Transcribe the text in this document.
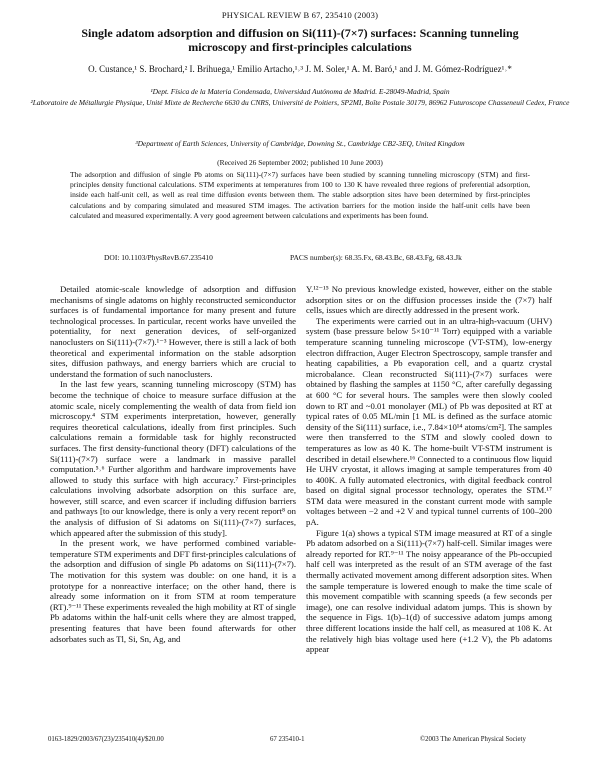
PHYSICAL REVIEW B 67, 235410 (2003)
Single adatom adsorption and diffusion on Si(111)-(7×7) surfaces: Scanning tunneling microscopy and first-principles calculations
O. Custance,¹ S. Brochard,² I. Brihuega,¹ Emilio Artacho,¹˒³ J. M. Soler,¹ A. M. Baró,¹ and J. M. Gómez-Rodríguez¹˒*
¹Dept. Física de la Materia Condensada, Universidad Autónoma de Madrid. E-28049-Madrid, Spain
²Laboratoire de Métallurgie Physique, Unité Mixte de Recherche 6630 du CNRS, Université de Poitiers, SP2MI, Boîte Postale 30179, 86962 Futuroscope Chasseneuil Cedex, France
³Department of Earth Sciences, University of Cambridge, Downing St., Cambridge CB2-3EQ, United Kingdom
(Received 26 September 2002; published 10 June 2003)
The adsorption and diffusion of single Pb atoms on Si(111)-(7×7) surfaces have been studied by scanning tunneling microscopy (STM) and first-principles density functional calculations. STM experiments at temperatures from 100 to 130 K have revealed three regions of preferential adsorption, inside each half-unit cell, as well as real time diffusion events between them. The stable adsorption sites have been determined by first-principles calculations and by comparing simulated and measured STM images. The activation barriers for the motion inside the half-unit cells have been calculated and measured experimentally. A very good agreement between calculations and experiments has been found.
DOI: 10.1103/PhysRevB.67.235410	PACS number(s): 68.35.Fx, 68.43.Bc, 68.43.Fg, 68.43.Jk

Detailed atomic-scale knowledge of adsorption and diffusion mechanisms of single adatoms on highly reconstructed semiconductor surfaces is of fundamental importance for many present and future technological processes. In particular, recent works have unveiled the potentiality, for next generation devices, of self-organized nanoclusters on Si(111)-(7×7).¹⁻³ However, there is still a lack of both theoretical and experimental information on the stable adsorption sites, diffusion pathways, and energy barriers which are crucial to understand the formation of such nanoclusters.

In the last few years, scanning tunneling microscopy (STM) has become the technique of choice to measure surface diffusion at the atomic scale, nicely complementing the wealth of data from field ion microscopy.⁴ STM experiments interpretation, however, generally requires theoretical calculations, ideally from first principles. Such calculations remain a formidable task for highly reconstructed surfaces. The first density-functional theory (DFT) calculations of the Si(111)-(7×7) surface were a landmark in massive parallel computation.⁵˒⁶ Further algorithm and hardware improvements have allowed to study this surface with high accuracy.⁷ First-principles calculations involving adsorbate adsorption on this surface are, however, still scarce, and even scarcer if including diffusion barriers and pathways [to our knowledge, there is only a very recent report⁸ on the analysis of diffusion of Si adatoms on Si(111)-(7×7) surfaces, which appeared after the submission of this study].

In the present work, we have performed combined variable-temperature STM experiments and DFT first-principles calculations of the adsorption and diffusion of single Pb adatoms on Si(111)-(7×7). The motivation for this system was double: on one hand, it is a prototype for a nonreactive interface; on the other hand, there is already some information on it from STM at room temperature (RT).⁹⁻¹¹ These experiments revealed the high mobility at RT of single Pb adatoms within the half-unit cells where they are almost trapped, presenting features that have been found afterwards for other adsorbates such as Tl, Si, Sn, Ag, and

Y.¹²⁻¹⁵ No previous knowledge existed, however, either on the stable adsorption sites or on the diffusion processes inside the (7×7) half cells, issues which are directly addressed in the present work.

The experiments were carried out in an ultra-high-vacuum (UHV) system (base pressure below 5×10⁻¹¹ Torr) equipped with a variable temperature scanning tunneling microscope (VT-STM), low-energy electron diffraction, Auger Electron Spectroscopy, sample transfer and heating capabilities, a Pb evaporation cell, and a quartz crystal microbalance. Clean reconstructed Si(111)-(7×7) surfaces were obtained by flashing the samples at 1150 °C, after carefully degassing at 600 °C for several hours. The samples were then slowly cooled down to RT and ~0.01 monolayer (ML) of Pb was deposited at RT at typical rates of 0.05 ML/min [1 ML is defined as the surface atomic density of the Si(111) surface, i.e., 7.84×10¹⁴ atoms/cm²]. The samples were then transferred to the STM and slowly cooled down to temperatures as low as 40 K. The home-built VT-STM instrument is described in detail elsewhere.¹⁶ Connected to a continuous flow liquid He UHV cryostat, it allows imaging at sample temperatures from 40 to 400K. A fully automated electronics, with digital feedback control based on digital signal processor technology, operates the STM.¹⁷ STM data were measured in the constant current mode with sample voltages between −2 and +2 V and typical tunnel currents of 100–200 pA.

Figure 1(a) shows a typical STM image measured at RT of a single Pb adatom adsorbed on a Si(111)-(7×7) half-cell. Similar images were already reported for RT.⁹⁻¹¹ The noisy appearance of the Pb-occupied half cell was interpreted as the result of an STM average of the fast thermally activated movement among different adsorption sites. When the sample temperature is lowered enough to make the time scale of this movement compatible with scanning speeds (a few seconds per image), one can resolve individual adatom jumps. This is shown by the sequence in Figs. 1(b)–1(d) of successive adatom jumps among three different locations inside the half cell, as measured at 108 K. At the relatively high bias voltage used here (+1.2 V), the Pb adatoms appear

0163-1829/2003/67(23)/235410(4)/$20.00	67 235410-1	©2003 The American Physical Society
